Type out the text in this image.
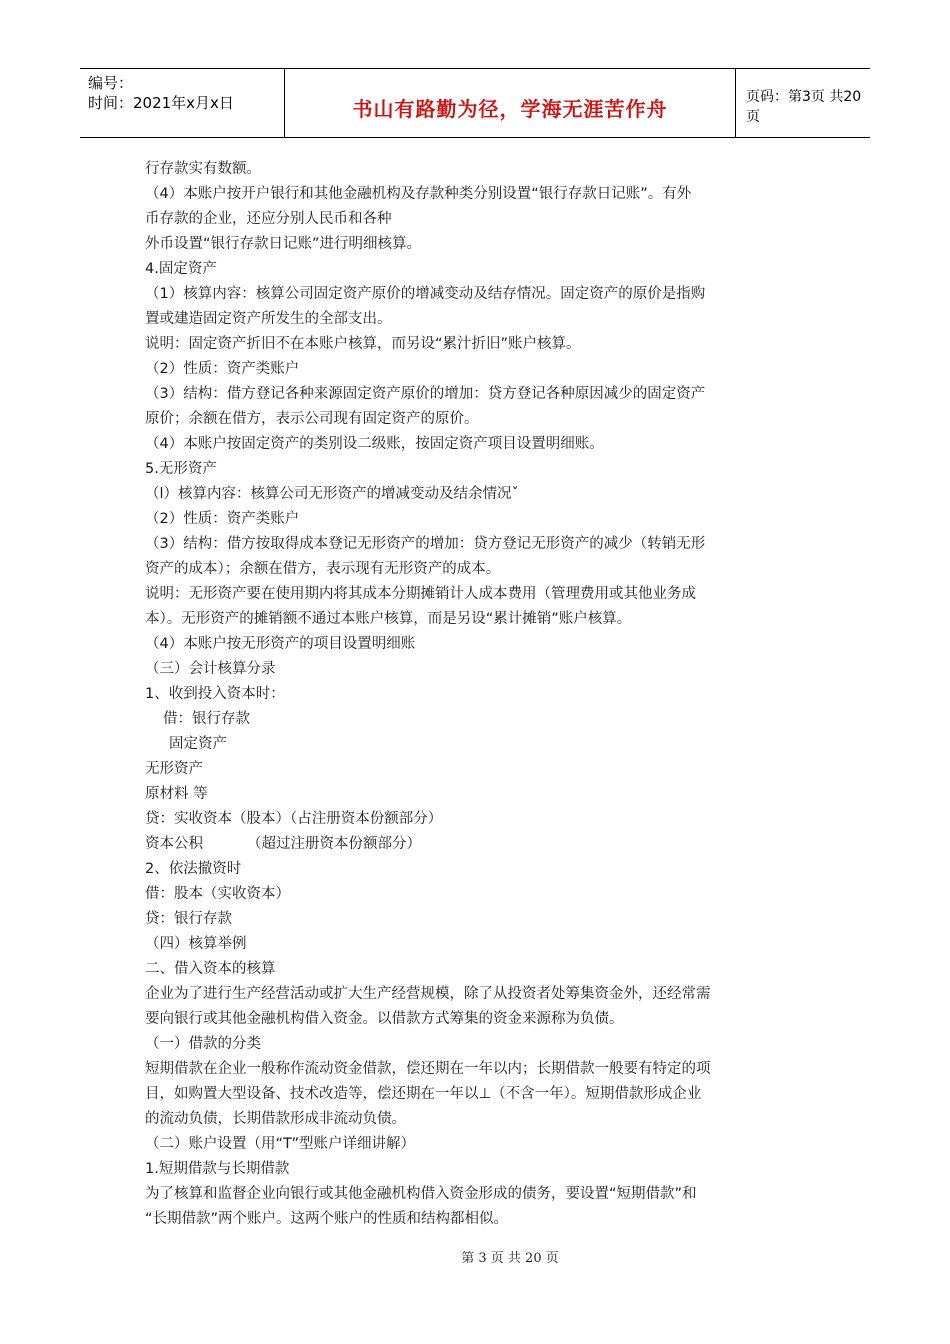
编号：
时间：2021年x月x日	书山有路勤为径，学海无涯苦作舟	页码：第3页 共20页
行存款实有数额。
（4）本账户按开户银行和其他金融机构及存款种类分别设置“银行存款日记账”。有外
币存款的企业，还应分别人民币和各种
外币设置“银行存款日记账”进行明细核算。
4.固定资产
（1）核算内容：核算公司固定资产原价的增减变动及结存情况。固定资产的原价是指购
置或建造固定资产所发生的全部支出。
说明：固定资产折旧不在本账户核算，而另设“累汁折旧”账户核算。
（2）性质：资产类账户
（3）结构：借方登记各种来源固定资产原价的增加：贷方登记各种原因减少的固定资产
原价；余额在借方，表示公司现有固定资产的原价。
（4）本账户按固定资产的类别设二级账，按固定资产项目设置明细账。
5.无形资产
（l）核算内容：核算公司无形资产的增减变动及结余情况ˇ
（2）性质：资产类账户
（3）结构：借方按取得成本登记无形资产的增加：贷方登记无形资产的减少（转销无形
资产的成本）；余额在借方，表示现有无形资产的成本。
说明：无形资产要在使用期内将其成本分期摊销计人成本费用（管理费用或其他业务成
本）。无形资产的摊销额不通过本账户核算，而是另设“累计摊销”账户核算。
（4）本账户按无形资产的项目设置明细账
（三）会计核算分录
1、收到投入资本时：
借：银行存款
固定资产
无形资产
原材料 等
贷：实收资本（股本）（占注册资本份额部分）
资本公积	（超过注册资本份额部分）
2、依法撤资时
借：股本（实收资本）
贷：银行存款
（四）核算举例
二、借入资本的核算
企业为了进行生产经营活动或扩大生产经营规模，除了从投资者处筹集资金外，还经常需
要向银行或其他金融机构借入资金。以借款方式筹集的资金来源称为负债。
（一）借款的分类
短期借款在企业一般称作流动资金借款，偿还期在一年以内；长期借款一般要有特定的项
目，如购置大型设备、技术改造等，偿还期在一年以⊥（不含一年）。短期借款形成企业
的流动负债，长期借款形成非流动负债。
（二）账户设置（用“T”型账户详细讲解）
1.短期借款与长期借款
为了核算和监督企业向银行或其他金融机构借入资金形成的债务，要设置“短期借款”和
“长期借款”两个账户。这两个账户的性质和结构都相似。
第 3 页 共 20 页
